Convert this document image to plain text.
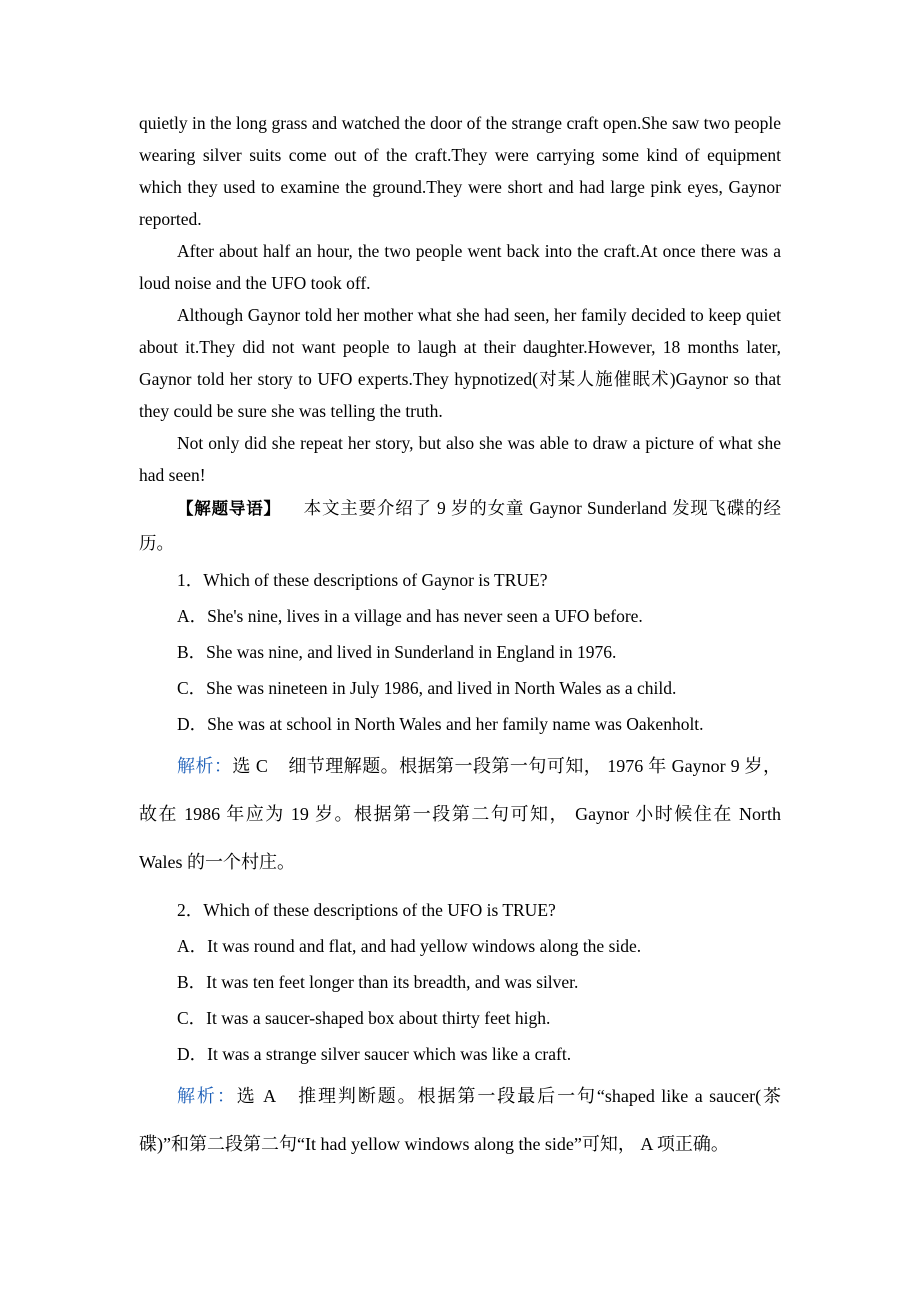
quietly in the long grass and watched the door of the strange craft open.She saw two people wearing silver suits come out of the craft.They were carrying some kind of equipment which they used to examine the ground.They were short and had large pink eyes, Gaynor reported.

After about half an hour, the two people went back into the craft.At once there was a loud noise and the UFO took off.

Although Gaynor told her mother what she had seen, her family decided to keep quiet about it.They did not want people to laugh at their daughter.However, 18 months later, Gaynor told her story to UFO experts.They hypnotized(对某人施催眠术)Gaynor so that they could be sure she was telling the truth.

Not only did she repeat her story, but also she was able to draw a picture of what she had seen!

【解题导语】 本文主要介绍了 9 岁的女童 Gaynor Sunderland 发现飞碟的经历。

1．Which of these descriptions of Gaynor is TRUE?

A．She's nine, lives in a village and has never seen a UFO before.

B．She was nine, and lived in Sunderland in England in 1976.

C．She was nineteen in July 1986, and lived in North Wales as a child.

D．She was at school in North Wales and her family name was Oakenholt.

解析：选 C 细节理解题。根据第一段第一句可知， 1976 年 Gaynor 9 岁，故在 1986 年应为 19 岁。根据第一段第二句可知， Gaynor 小时候住在 North Wales 的一个村庄。

2．Which of these descriptions of the UFO is TRUE?

A．It was round and flat, and had yellow windows along the side.

B．It was ten feet longer than its breadth, and was silver.

C．It was a saucer-shaped box about thirty feet high.

D．It was a strange silver saucer which was like a craft.

解析：选 A 推理判断题。根据第一段最后一句“shaped like a saucer(茶碟)”和第二段第二句“It had yellow windows along the side”可知， A 项正确。
